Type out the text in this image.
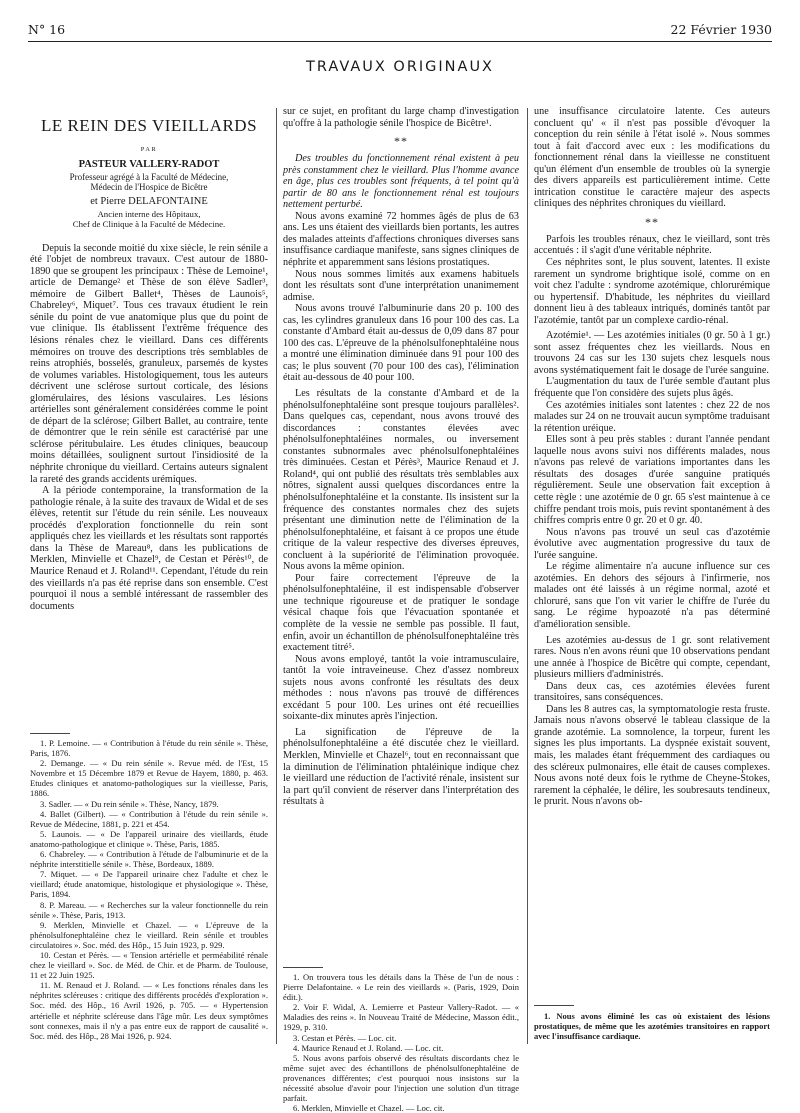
N° 16	22 Février 1930
TRAVAUX ORIGINAUX
LE REIN DES VIEILLARDS
PAR
PASTEUR VALLERY-RADOT
Professeur agrégé à la Faculté de Médecine,
Médecin de l'Hospice de Bicêtre
et Pierre DELAFONTAINE
Ancien interne des Hôpitaux,
Chef de Clinique à la Faculté de Médecine.

Depuis la seconde moitié du xixe siècle, le rein sénile a été l'objet de nombreux travaux. C'est autour de 1880-1890 que se groupent les principaux : Thèse de Lemoine¹, article de Demange² et Thèse de son élève Sadler³, mémoire de Gilbert Ballet⁴, Thèses de Launois⁵, Chabreley⁶, Miquet⁷. Tous ces travaux étudient le rein sénile du point de vue anatomique plus que du point de vue clinique. Ils établissent l'extrême fréquence des lésions rénales chez le vieillard. Dans ces différents mémoires on trouve des descriptions très semblables de reins atrophiés, bosselés, granuleux, parsemés de kystes de volumes variables. Histologiquement, tous les auteurs décrivent une sclérose surtout corticale, des lésions glomérulaires, des lésions vasculaires. Les lésions artérielles sont généralement considérées comme le point de départ de la sclérose; Gilbert Ballet, au contraire, tente de démontrer que le rein sénile est caractérisé par une sclérose péritubulaire. Les études cliniques, beaucoup moins détaillées, soulignent surtout l'insidiosité de la néphrite chronique du vieillard. Certains auteurs signalent la rareté des grands accidents urémiques.

A la période contemporaine, la transformation de la pathologie rénale, à la suite des travaux de Widal et de ses élèves, retentit sur l'étude du rein sénile. Les nouveaux procédés d'exploration fonctionnelle du rein sont appliqués chez les vieillards et les résultats sont rapportés dans la Thèse de Mareau⁸, dans les publications de Merklen, Minvielle et Chazel⁹, de Cestan et Pérès¹⁰, de Maurice Renaud et J. Roland¹¹. Cependant, l'étude du rein des vieillards n'a pas été reprise dans son ensemble. C'est pourquoi il nous a semblé intéressant de rassembler des documents

1. P. Lemoine. — « Contribution à l'étude du rein sénile ». Thèse, Paris, 1876.
2. Demange. — « Du rein sénile ». Revue méd. de l'Est, 15 Novembre et 15 Décembre 1879 et Revue de Hayem, 1880, p. 463. Etudes cliniques et anatomo-pathologiques sur la vieillesse, Paris, 1886.
3. Sadler. — « Du rein sénile ». Thèse, Nancy, 1879.
4. Ballet (Gilbert). — « Contribution à l'étude du rein sénile ». Revue de Médecine, 1881, p. 221 et 454.
5. Launois. — « De l'appareil urinaire des vieillards, étude anatomo-pathologique et clinique ». Thèse, Paris, 1885.
6. Chabreley. — « Contribution à l'étude de l'albuminurie et de la néphrite interstitielle sénile ». Thèse, Bordeaux, 1889.
7. Miquet. — « De l'appareil urinaire chez l'adulte et chez le vieillard; étude anatomique, histologique et physiologique ». Thèse, Paris, 1894.
8. P. Mareau. — « Recherches sur la valeur fonctionnelle du rein sénile ». Thèse, Paris, 1913.
9. Merklen, Minvielle et Chazel. — « L'épreuve de la phénolsulfonephtaléine chez le vieillard. Rein sénile et troubles circulatoires ». Soc. méd. des Hôp., 15 Juin 1923, p. 929.
10. Cestan et Pérès. — « Tension artérielle et perméabilité rénale chez le vieillard ». Soc. de Méd. de Chir. et de Pharm. de Toulouse, 11 et 22 Juin 1925.
11. M. Renaud et J. Roland. — « Les fonctions rénales dans les néphrites scléreuses : critique des différents procédés d'exploration ». Soc. méd. des Hôp., 16 Avril 1926, p. 705. — « Hypertension artérielle et néphrite scléreuse dans l'âge mûr. Les deux symptômes sont connexes, mais il n'y a pas entre eux de rapport de causalité ». Soc. méd. des Hôp., 28 Mai 1926, p. 924.

sur ce sujet, en profitant du large champ d'investigation qu'offre à la pathologie sénile l'hospice de Bicêtre¹.

**

Des troubles du fonctionnement rénal existent à peu près constamment chez le vieillard. Plus l'homme avance en âge, plus ces troubles sont fréquents, à tel point qu'à partir de 80 ans le fonctionnement rénal est toujours nettement perturbé.

Nous avons examiné 72 hommes âgés de plus de 63 ans. Les uns étaient des vieillards bien portants, les autres des malades atteints d'affections chroniques diverses sans insuffisance cardiaque manifeste, sans signes cliniques de néphrite et apparemment sans lésions prostatiques.

Nous nous sommes limités aux examens habituels dont les résultats sont d'une interprétation unanimement admise.

Nous avons trouvé l'albuminurie dans 20 p. 100 des cas, les cylindres granuleux dans 16 pour 100 des cas. La constante d'Ambard était au-dessus de 0,09 dans 87 pour 100 des cas. L'épreuve de la phénolsulfonephtaléine nous a montré une élimination diminuée dans 91 pour 100 des cas; le plus souvent (70 pour 100 des cas), l'élimination était au-dessous de 40 pour 100.

Les résultats de la constante d'Ambard et de la phénolsulfonephtaléine sont presque toujours parallèles². Dans quelques cas, cependant, nous avons trouvé des discordances : constantes élevées avec phénolsulfonephtaléines normales, ou inversement constantes subnormales avec phénolsulfonephtaléines très diminuées. Cestan et Pérès³, Maurice Renaud et J. Roland⁴, qui ont publié des résultats très semblables aux nôtres, signalent aussi quelques discordances entre la phénolsulfonephtaléine et la constante. Ils insistent sur la fréquence des constantes normales chez des sujets présentant une diminution nette de l'élimination de la phénolsulfonephtaléine, et faisant à ce propos une étude critique de la valeur respective des diverses épreuves, concluent à la supériorité de l'élimination provoquée. Nous avons la même opinion.

Pour faire correctement l'épreuve de la phénolsulfonephtaléine, il est indispensable d'observer une technique rigoureuse et de pratiquer le sondage vésical chaque fois que l'évacuation spontanée et complète de la vessie ne semble pas possible. Il faut, enfin, avoir un échantillon de phénolsulfonephtaléine très exactement titré⁵.

Nous avons employé, tantôt la voie intramusculaire, tantôt la voie intraveineuse. Chez d'assez nombreux sujets nous avons confronté les résultats des deux méthodes : nous n'avons pas trouvé de différences excédant 5 pour 100. Les urines ont été recueillies soixante-dix minutes après l'injection.

La signification de l'épreuve de la phénolsulfonephtaléine a été discutée chez le vieillard. Merklen, Minvielle et Chazel⁶, tout en reconnaissant que la diminution de l'élimination phtaléinique indique chez le vieillard une réduction de l'activité rénale, insistent sur la part qu'il convient de réserver dans l'interprétation des résultats à

1. On trouvera tous les détails dans la Thèse de l'un de nous : Pierre Delafontaine. « Le rein des vieillards ». (Paris, 1929, Doin édit.).
2. Voir F. Widal, A. Lemierre et Pasteur Vallery-Radot. — « Maladies des reins ». In Nouveau Traité de Médecine, Masson édit., 1929, p. 310.
3. Cestan et Pérès. — Loc. cit.
4. Maurice Renaud et J. Roland. — Loc. cit.
5. Nous avons parfois observé des résultats discordants chez le même sujet avec des échantillons de phénolsulfonephtaléine de provenances différentes; c'est pourquoi nous insistons sur la nécessité absolue d'avoir pour l'injection une solution d'un titrage parfait.
6. Merklen, Minvielle et Chazel. — Loc. cit.

une insuffisance circulatoire latente. Ces auteurs concluent qu' « il n'est pas possible d'évoquer la conception du rein sénile à l'état isolé ». Nous sommes tout à fait d'accord avec eux : les modifications du fonctionnement rénal dans la vieillesse ne constituent qu'un élément d'un ensemble de troubles où la synergie des divers appareils est particulièrement intime. Cette intrication constitue le caractère majeur des aspects cliniques des néphrites chroniques du vieillard.

**

Parfois les troubles rénaux, chez le vieillard, sont très accentués : il s'agit d'une véritable néphrite.

Ces néphrites sont, le plus souvent, latentes. Il existe rarement un syndrome brightique isolé, comme on en voit chez l'adulte : syndrome azotémique, chlorurémique ou hypertensif. D'habitude, les néphrites du vieillard donnent lieu à des tableaux intriqués, dominés tantôt par l'azotémie, tantôt par un complexe cardio-rénal.

Azotémie¹. — Les azotémies initiales (0 gr. 50 à 1 gr.) sont assez fréquentes chez les vieillards. Nous en trouvons 24 cas sur les 130 sujets chez lesquels nous avons systématiquement fait le dosage de l'urée sanguine.

L'augmentation du taux de l'urée semble d'autant plus fréquente que l'on considère des sujets plus âgés.

Ces azotémies initiales sont latentes : chez 22 de nos malades sur 24 on ne trouvait aucun symptôme traduisant la rétention uréique.

Elles sont à peu près stables : durant l'année pendant laquelle nous avons suivi nos différents malades, nous n'avons pas relevé de variations importantes dans les résultats des dosages d'urée sanguine pratiqués régulièrement. Seule une observation fait exception à cette règle : une azotémie de 0 gr. 65 s'est maintenue à ce chiffre pendant trois mois, puis revint spontanément à des chiffres compris entre 0 gr. 20 et 0 gr. 40.

Nous n'avons pas trouvé un seul cas d'azotémie évolutive avec augmentation progressive du taux de l'urée sanguine.

Le régime alimentaire n'a aucune influence sur ces azotémies. En dehors des séjours à l'infirmerie, nos malades ont été laissés à un régime normal, azoté et chloruré, sans que l'on vit varier le chiffre de l'urée du sang. Le régime hypoazoté n'a pas déterminé d'amélioration sensible.

Les azotémies au-dessus de 1 gr. sont relativement rares. Nous n'en avons réuni que 10 observations pendant une année à l'hospice de Bicêtre qui compte, cependant, plusieurs milliers d'administrés.

Dans deux cas, ces azotémies élevées furent transitoires, sans conséquences.

Dans les 8 autres cas, la symptomatologie resta fruste. Jamais nous n'avons observé le tableau classique de la grande azotémie. La somnolence, la torpeur, furent les signes les plus importants. La dyspnée existait souvent, mais, les malades étant fréquemment des cardiaques ou des scléreux pulmonaires, elle était de causes complexes. Nous avons noté deux fois le rythme de Cheyne-Stokes, rarement la céphalée, le délire, les soubresauts tendineux, le prurit. Nous n'avons ob-

1. Nous avons éliminé les cas où existaient des lésions prostatiques, de même que les azotémies transitoires en rapport avec l'insuffisance cardiaque.
